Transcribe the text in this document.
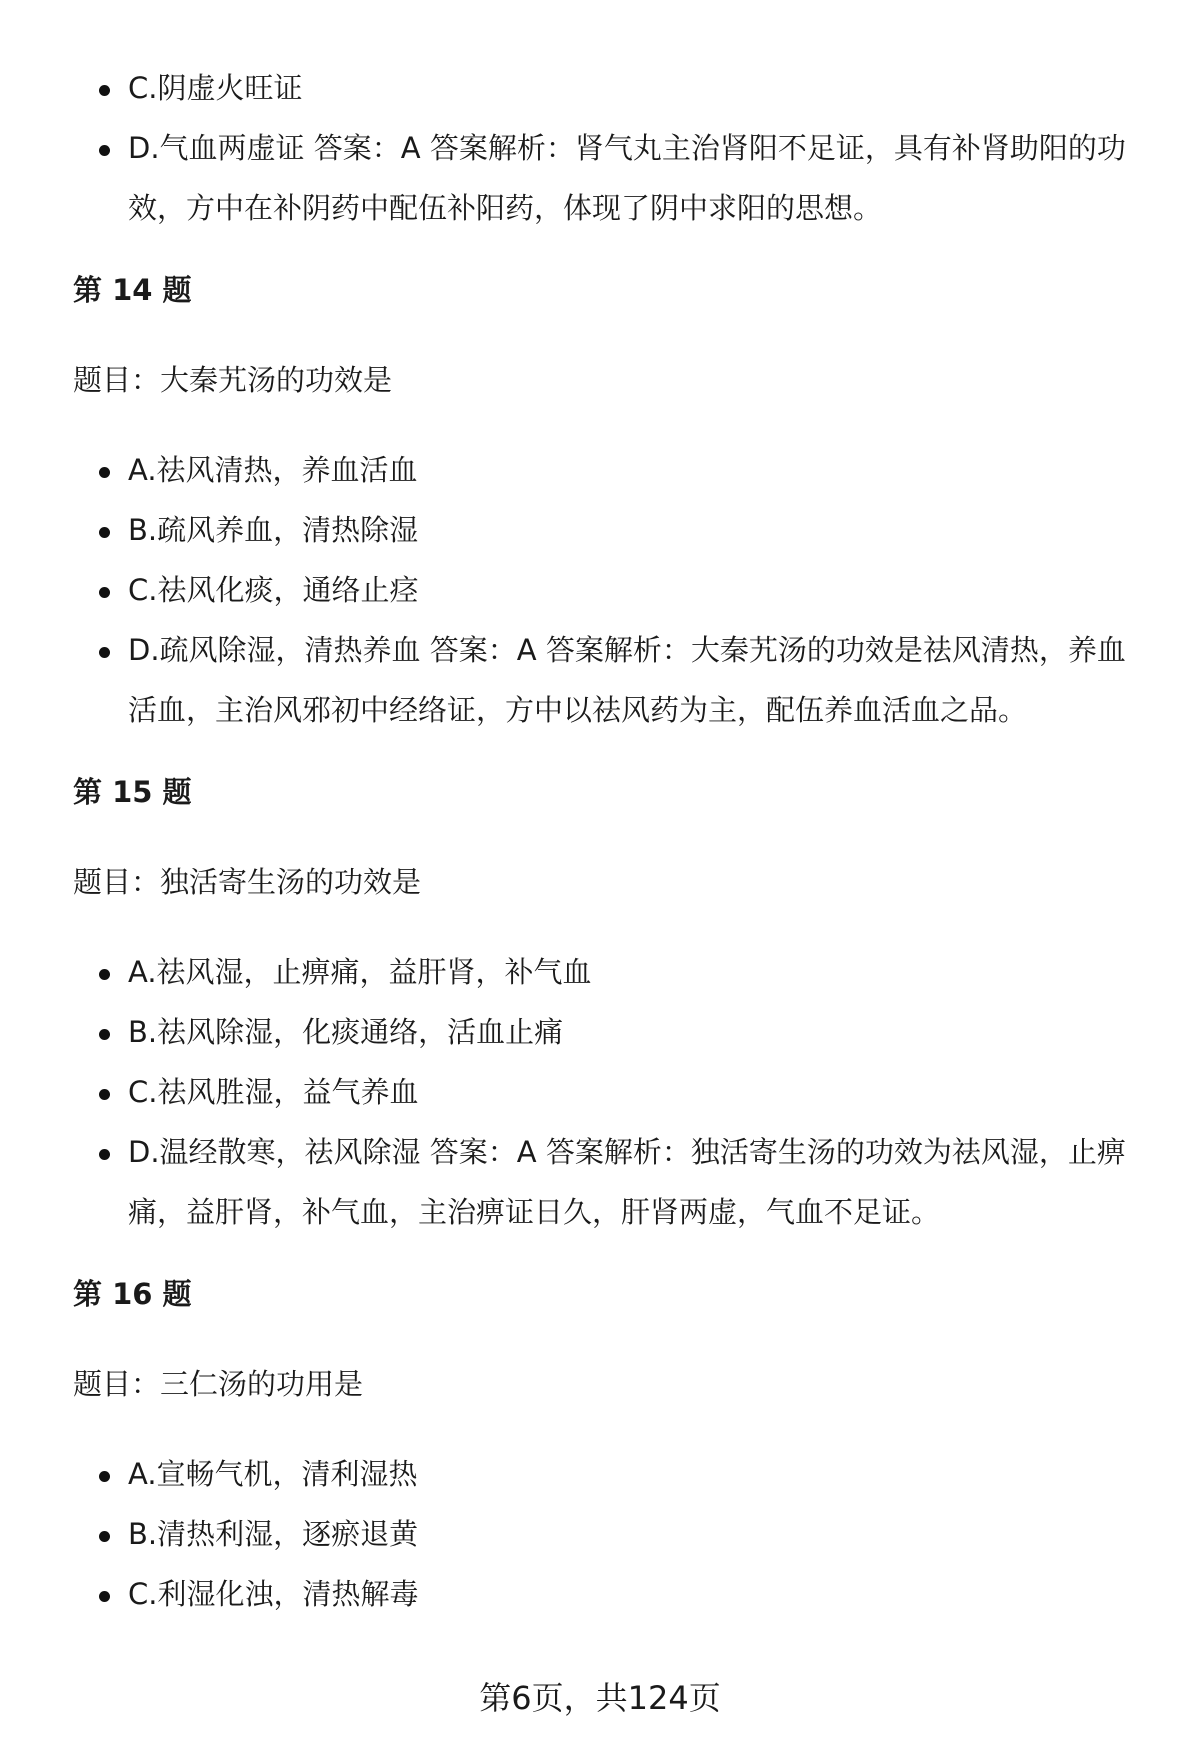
C.阴虚火旺证
D.气血两虚证 答案：A 答案解析：肾气丸主治肾阳不足证，具有补肾助阳的功效，方中在补阴药中配伍补阳药，体现了阴中求阳的思想。

第 14 题

题目：大秦艽汤的功效是

A.祛风清热，养血活血
B.疏风养血，清热除湿
C.祛风化痰，通络止痉
D.疏风除湿，清热养血 答案：A 答案解析：大秦艽汤的功效是祛风清热，养血活血，主治风邪初中经络证，方中以祛风药为主，配伍养血活血之品。

第 15 题

题目：独活寄生汤的功效是

A.祛风湿，止痹痛，益肝肾，补气血
B.祛风除湿，化痰通络，活血止痛
C.祛风胜湿，益气养血
D.温经散寒，祛风除湿 答案：A 答案解析：独活寄生汤的功效为祛风湿，止痹痛，益肝肾，补气血，主治痹证日久，肝肾两虚，气血不足证。

第 16 题

题目：三仁汤的功用是

A.宣畅气机，清利湿热
B.清热利湿，逐瘀退黄
C.利湿化浊，清热解毒
第6页，共124页
